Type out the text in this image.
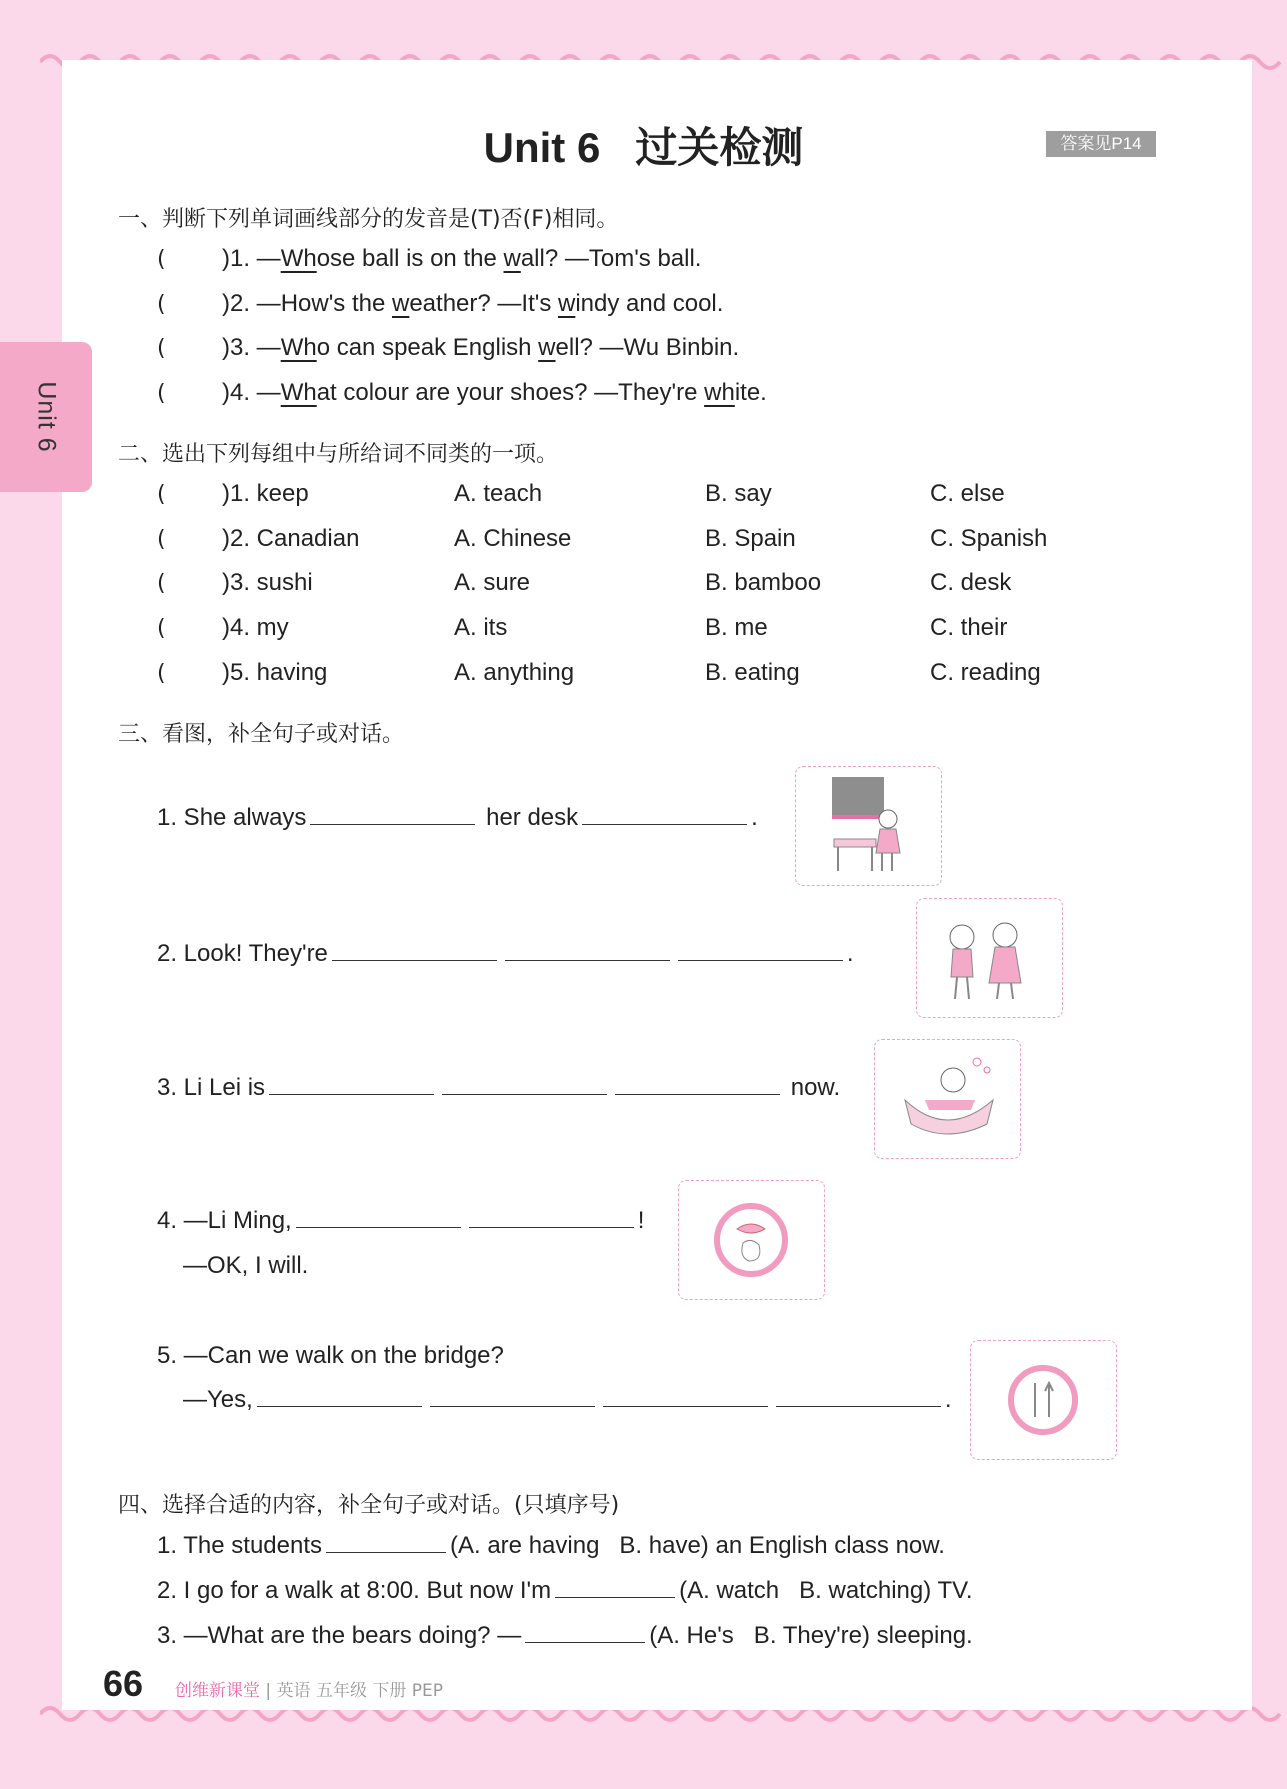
Unit 6
Unit 6   过关检测	答案见P14
一、判断下列单词画线部分的发音是(T)否(F)相同。
( )1. —Whose ball is on the wall? —Tom's ball.
( )2. —How's the weather? —It's windy and cool.
( )3. —Who can speak English well? —Wu Binbin.
( )4. —What colour are your shoes? —They're white.
二、选出下列每组中与所给词不同类的一项。
( )1. keep	A. teach	B. say	C. else
( )2. Canadian	A. Chinese	B. Spain	C. Spanish
( )3. sushi	A. sure	B. bamboo	C. desk
( )4. my	A. its	B. me	C. their
( )5. having	A. anything	B. eating	C. reading
三、看图，补全句子或对话。
1. She always	her desk	.
2. Look! They're	.
3. Li Lei is	now.
4. —Li Ming,	!
—OK, I will.
5. —Can we walk on the bridge?
—Yes,	.
四、选择合适的内容，补全句子或对话。(只填序号)
1. The students	(A. are having   B. have) an English class now.
2. I go for a walk at 8:00. But now I'm	(A. watch   B. watching) TV.
3. —What are the bears doing? —	(A. He's   B. They're) sleeping.
66 创维新课堂 | 英语 五年级 下册 PEP
